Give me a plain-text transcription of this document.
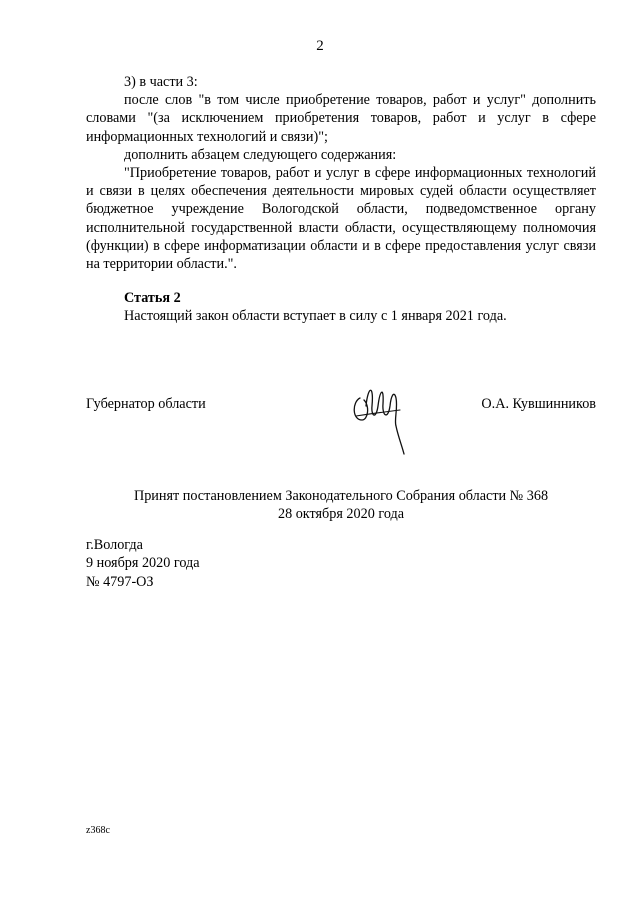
2

3) в части 3:

после слов "в том числе приобретение товаров, работ и услуг" дополнить словами "(за исключением приобретения товаров, работ и услуг в сфере информационных технологий и связи)";

дополнить абзацем следующего содержания:

"Приобретение товаров, работ и услуг в сфере информационных технологий и связи в целях обеспечения деятельности мировых судей области осуществляет бюджетное учреждение Вологодской области, подведомственное органу исполнительной государственной власти области, осуществляющему полномочия (функции) в сфере информатизации области и в сфере предоставления услуг связи на территории области.".

Статья 2

Настоящий закон области вступает в силу с 1 января 2021 года.

Губернатор области	О.А. Кувшинников
Принят постановлением Законодательного Собрания области № 368
28 октября 2020 года
г.Вологда
9 ноября 2020 года
№ 4797-ОЗ
z368c
